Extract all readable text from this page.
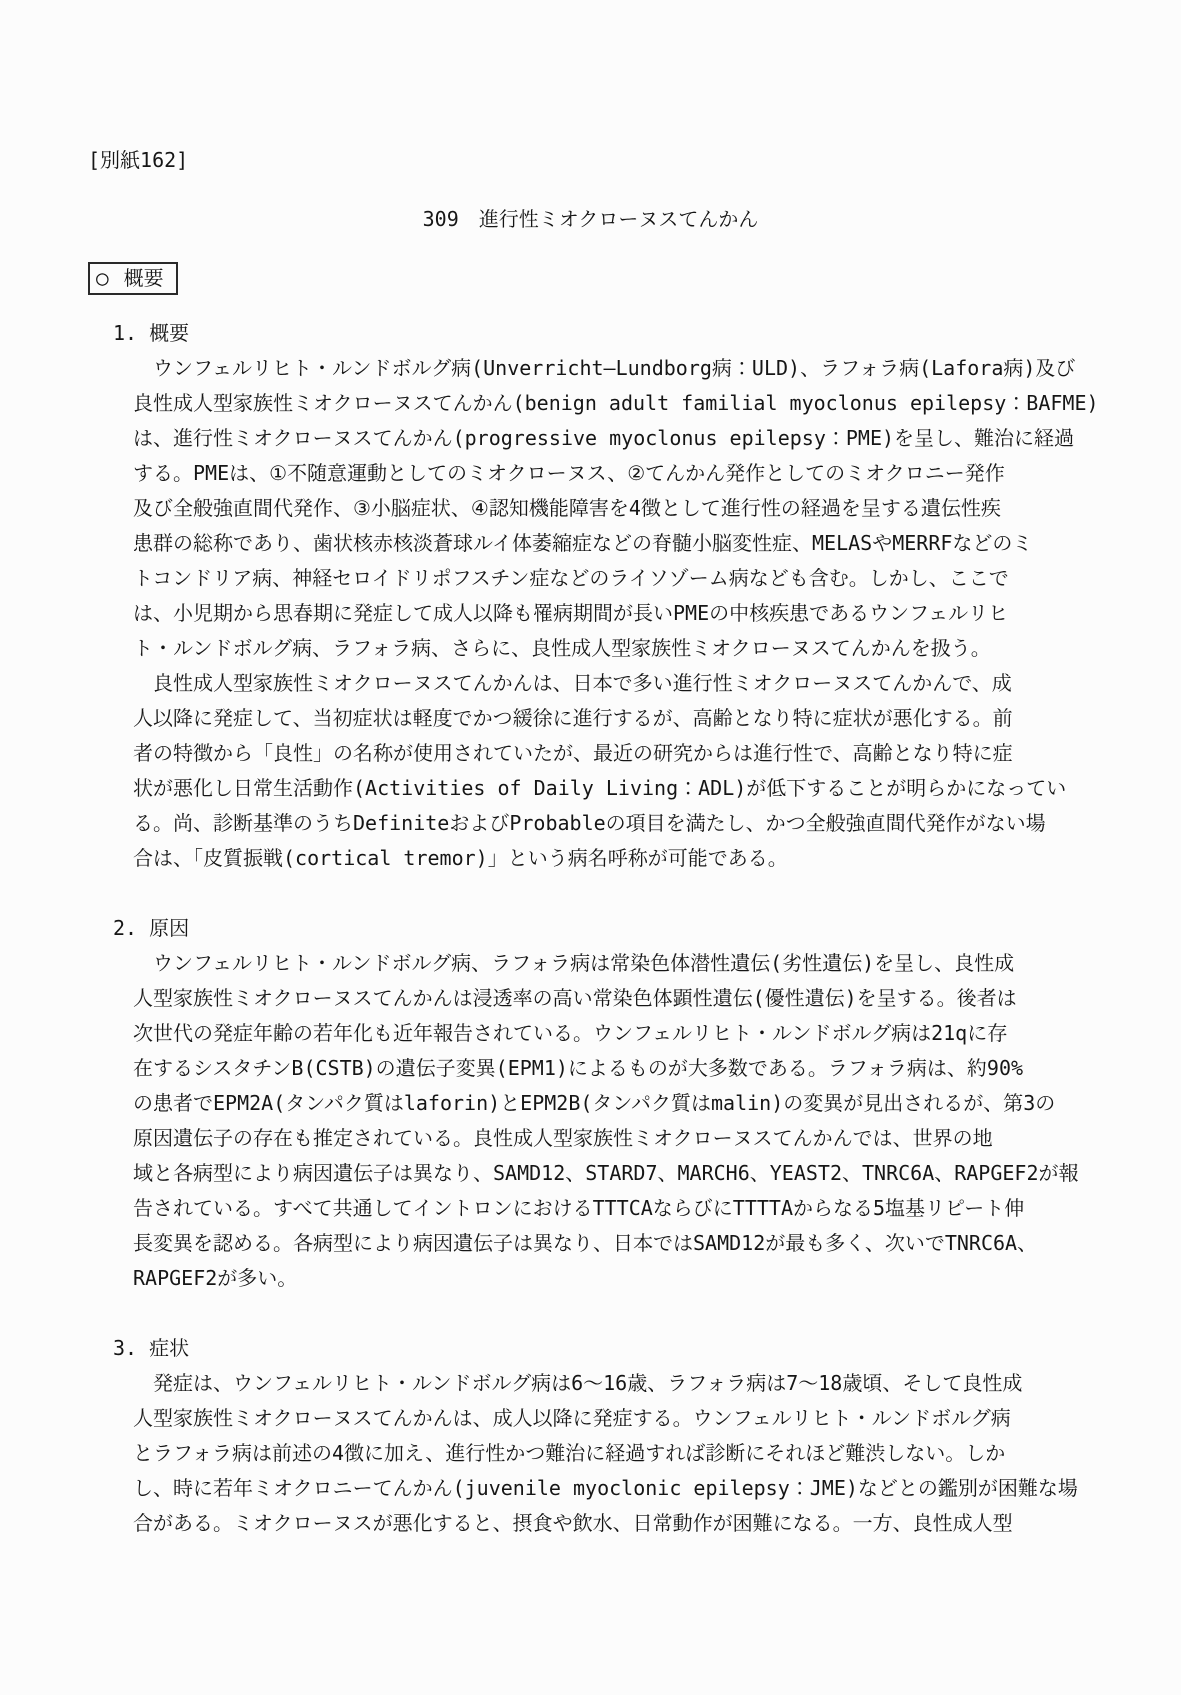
[別紙162]
309　進行性ミオクローヌスてんかん
○ 概要
1. 概要
　ウンフェルリヒト・ルンドボルグ病(Unverricht―Lundborg病：ULD)、ラフォラ病(Lafora病)及び
良性成人型家族性ミオクローヌスてんかん(benign adult familial myoclonus epilepsy：BAFME)
は、進行性ミオクローヌスてんかん(progressive myoclonus epilepsy：PME)を呈し、難治に経過
する。PMEは、①不随意運動としてのミオクローヌス、②てんかん発作としてのミオクロニー発作
及び全般強直間代発作、③小脳症状、④認知機能障害を4徴として進行性の経過を呈する遺伝性疾
患群の総称であり、歯状核赤核淡蒼球ルイ体萎縮症などの脊髄小脳変性症、MELASやMERRFなどのミ
トコンドリア病、神経セロイドリポフスチン症などのライソゾーム病なども含む。しかし、ここで
は、小児期から思春期に発症して成人以降も罹病期間が長いPMEの中核疾患であるウンフェルリヒ
ト・ルンドボルグ病、ラフォラ病、さらに、良性成人型家族性ミオクローヌスてんかんを扱う。
　良性成人型家族性ミオクローヌスてんかんは、日本で多い進行性ミオクローヌスてんかんで、成
人以降に発症して、当初症状は軽度でかつ緩徐に進行するが、高齢となり特に症状が悪化する。前
者の特徴から「良性」の名称が使用されていたが、最近の研究からは進行性で、高齢となり特に症
状が悪化し日常生活動作(Activities of Daily Living：ADL)が低下することが明らかになってい
る。尚、診断基準のうちDefiniteおよびProbableの項目を満たし、かつ全般強直間代発作がない場
合は、「皮質振戦(cortical tremor)」という病名呼称が可能である。
2. 原因
　ウンフェルリヒト・ルンドボルグ病、ラフォラ病は常染色体潜性遺伝(劣性遺伝)を呈し、良性成
人型家族性ミオクローヌスてんかんは浸透率の高い常染色体顕性遺伝(優性遺伝)を呈する。後者は
次世代の発症年齢の若年化も近年報告されている。ウンフェルリヒト・ルンドボルグ病は21qに存
在するシスタチンB(CSTB)の遺伝子変異(EPM1)によるものが大多数である。ラフォラ病は、約90%
の患者でEPM2A(タンパク質はlaforin)とEPM2B(タンパク質はmalin)の変異が見出されるが、第3の
原因遺伝子の存在も推定されている。良性成人型家族性ミオクローヌスてんかんでは、世界の地
域と各病型により病因遺伝子は異なり、SAMD12、STARD7、MARCH6、YEAST2、TNRC6A、RAPGEF2が報
告されている。すべて共通してイントロンにおけるTTTCAならびにTTTTAからなる5塩基リピート伸
長変異を認める。各病型により病因遺伝子は異なり、日本ではSAMD12が最も多く、次いでTNRC6A、
RAPGEF2が多い。
3. 症状
　発症は、ウンフェルリヒト・ルンドボルグ病は6〜16歳、ラフォラ病は7〜18歳頃、そして良性成
人型家族性ミオクローヌスてんかんは、成人以降に発症する。ウンフェルリヒト・ルンドボルグ病
とラフォラ病は前述の4徴に加え、進行性かつ難治に経過すれば診断にそれほど難渋しない。しか
し、時に若年ミオクロニーてんかん(juvenile myoclonic epilepsy：JME)などとの鑑別が困難な場
合がある。ミオクローヌスが悪化すると、摂食や飲水、日常動作が困難になる。一方、良性成人型
